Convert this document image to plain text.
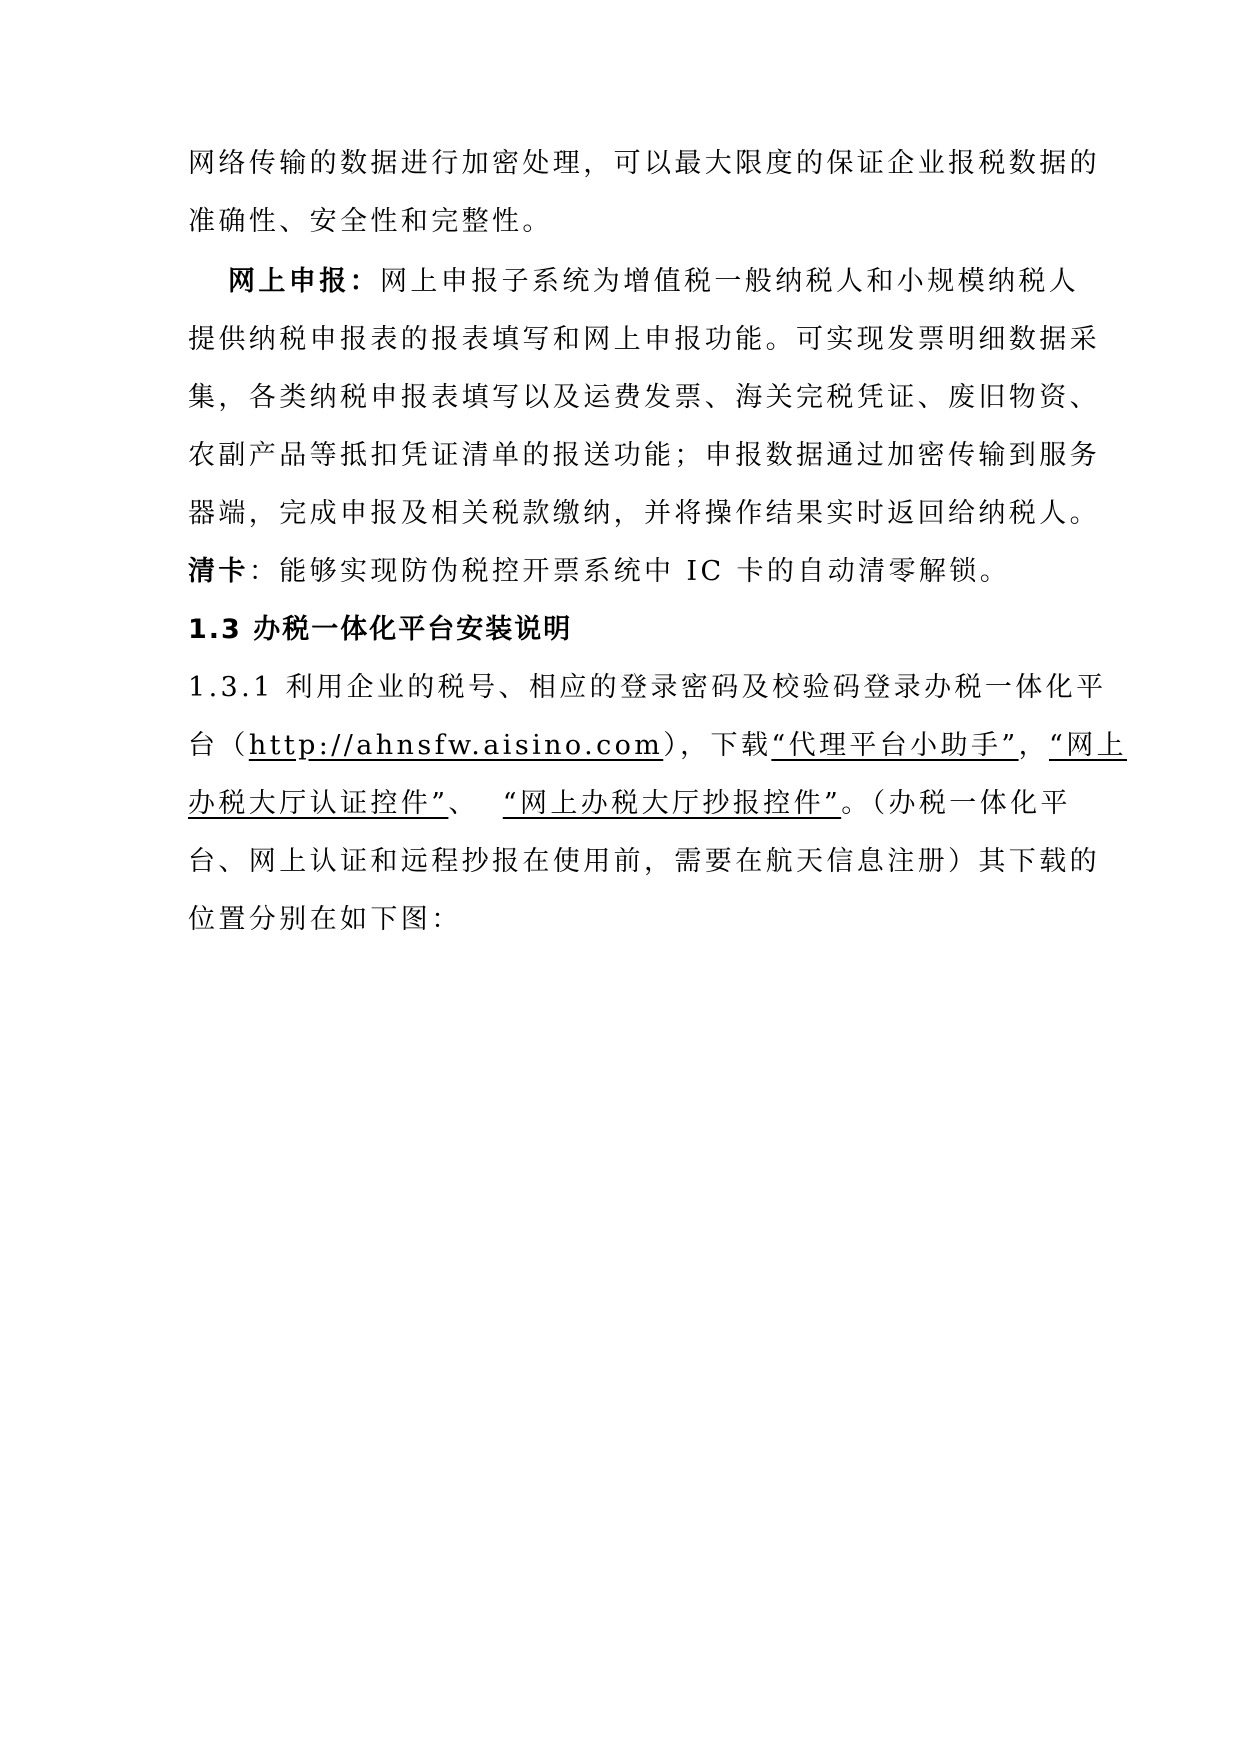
网络传输的数据进行加密处理，可以最大限度的保证企业报税数据的
准确性、安全性和完整性。
网上申报：网上申报子系统为增值税一般纳税人和小规模纳税人
提供纳税申报表的报表填写和网上申报功能。可实现发票明细数据采
集，各类纳税申报表填写以及运费发票、海关完税凭证、废旧物资、
农副产品等抵扣凭证清单的报送功能；申报数据通过加密传输到服务
器端，完成申报及相关税款缴纳，并将操作结果实时返回给纳税人。
清卡：能够实现防伪税控开票系统中 IC 卡的自动清零解锁。
1.3 办税一体化平台安装说明
1.3.1 利用企业的税号、相应的登录密码及校验码登录办税一体化平
台（http://ahnsfw.aisino.com），下载“代理平台小助手”，“网上
办税大厅认证控件”、  “网上办税大厅抄报控件”。（办税一体化平
台、网上认证和远程抄报在使用前，需要在航天信息注册）其下载的
位置分别在如下图：
